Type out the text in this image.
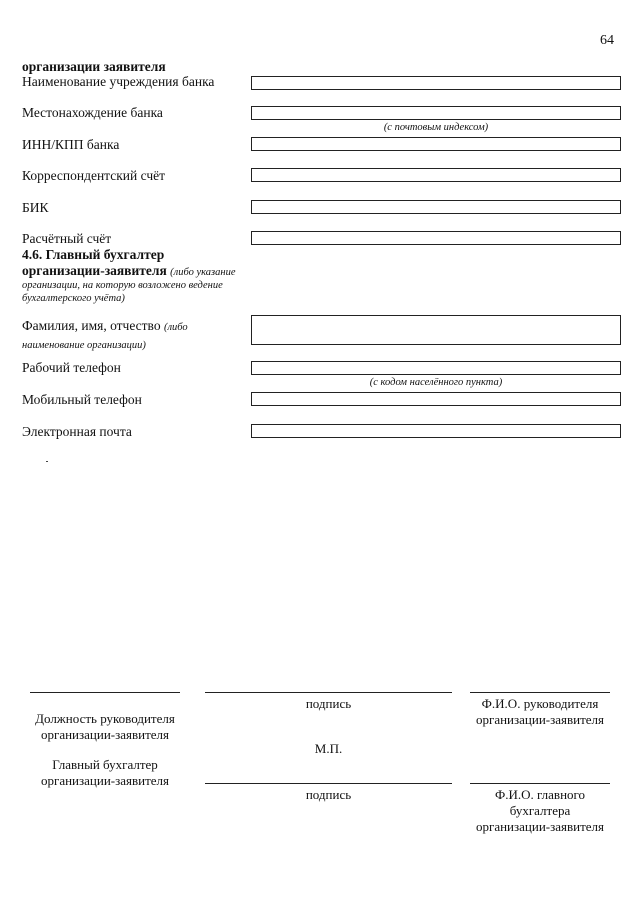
64
организации заявителя
Наименование учреждения банка
Местонахождение банка
(с почтовым индексом)
ИНН/КПП банка
Корреспондентский счёт
БИК
Расчётный счёт
4.6. Главный бухгалтер
организации-заявителя (либо указание
организации, на которую возложено ведение бухгалтерского учёта)
Фамилия, имя, отчество (либо
наименование организации)
Рабочий телефон
(с кодом населённого пункта)
Мобильный телефон
Электронная почта
подпись	Ф.И.О. руководителя организации-заявителя
Должность руководителя организации-заявителя
М.П.
Главный бухгалтер организации-заявителя
подпись	Ф.И.О. главного бухгалтера организации-заявителя
